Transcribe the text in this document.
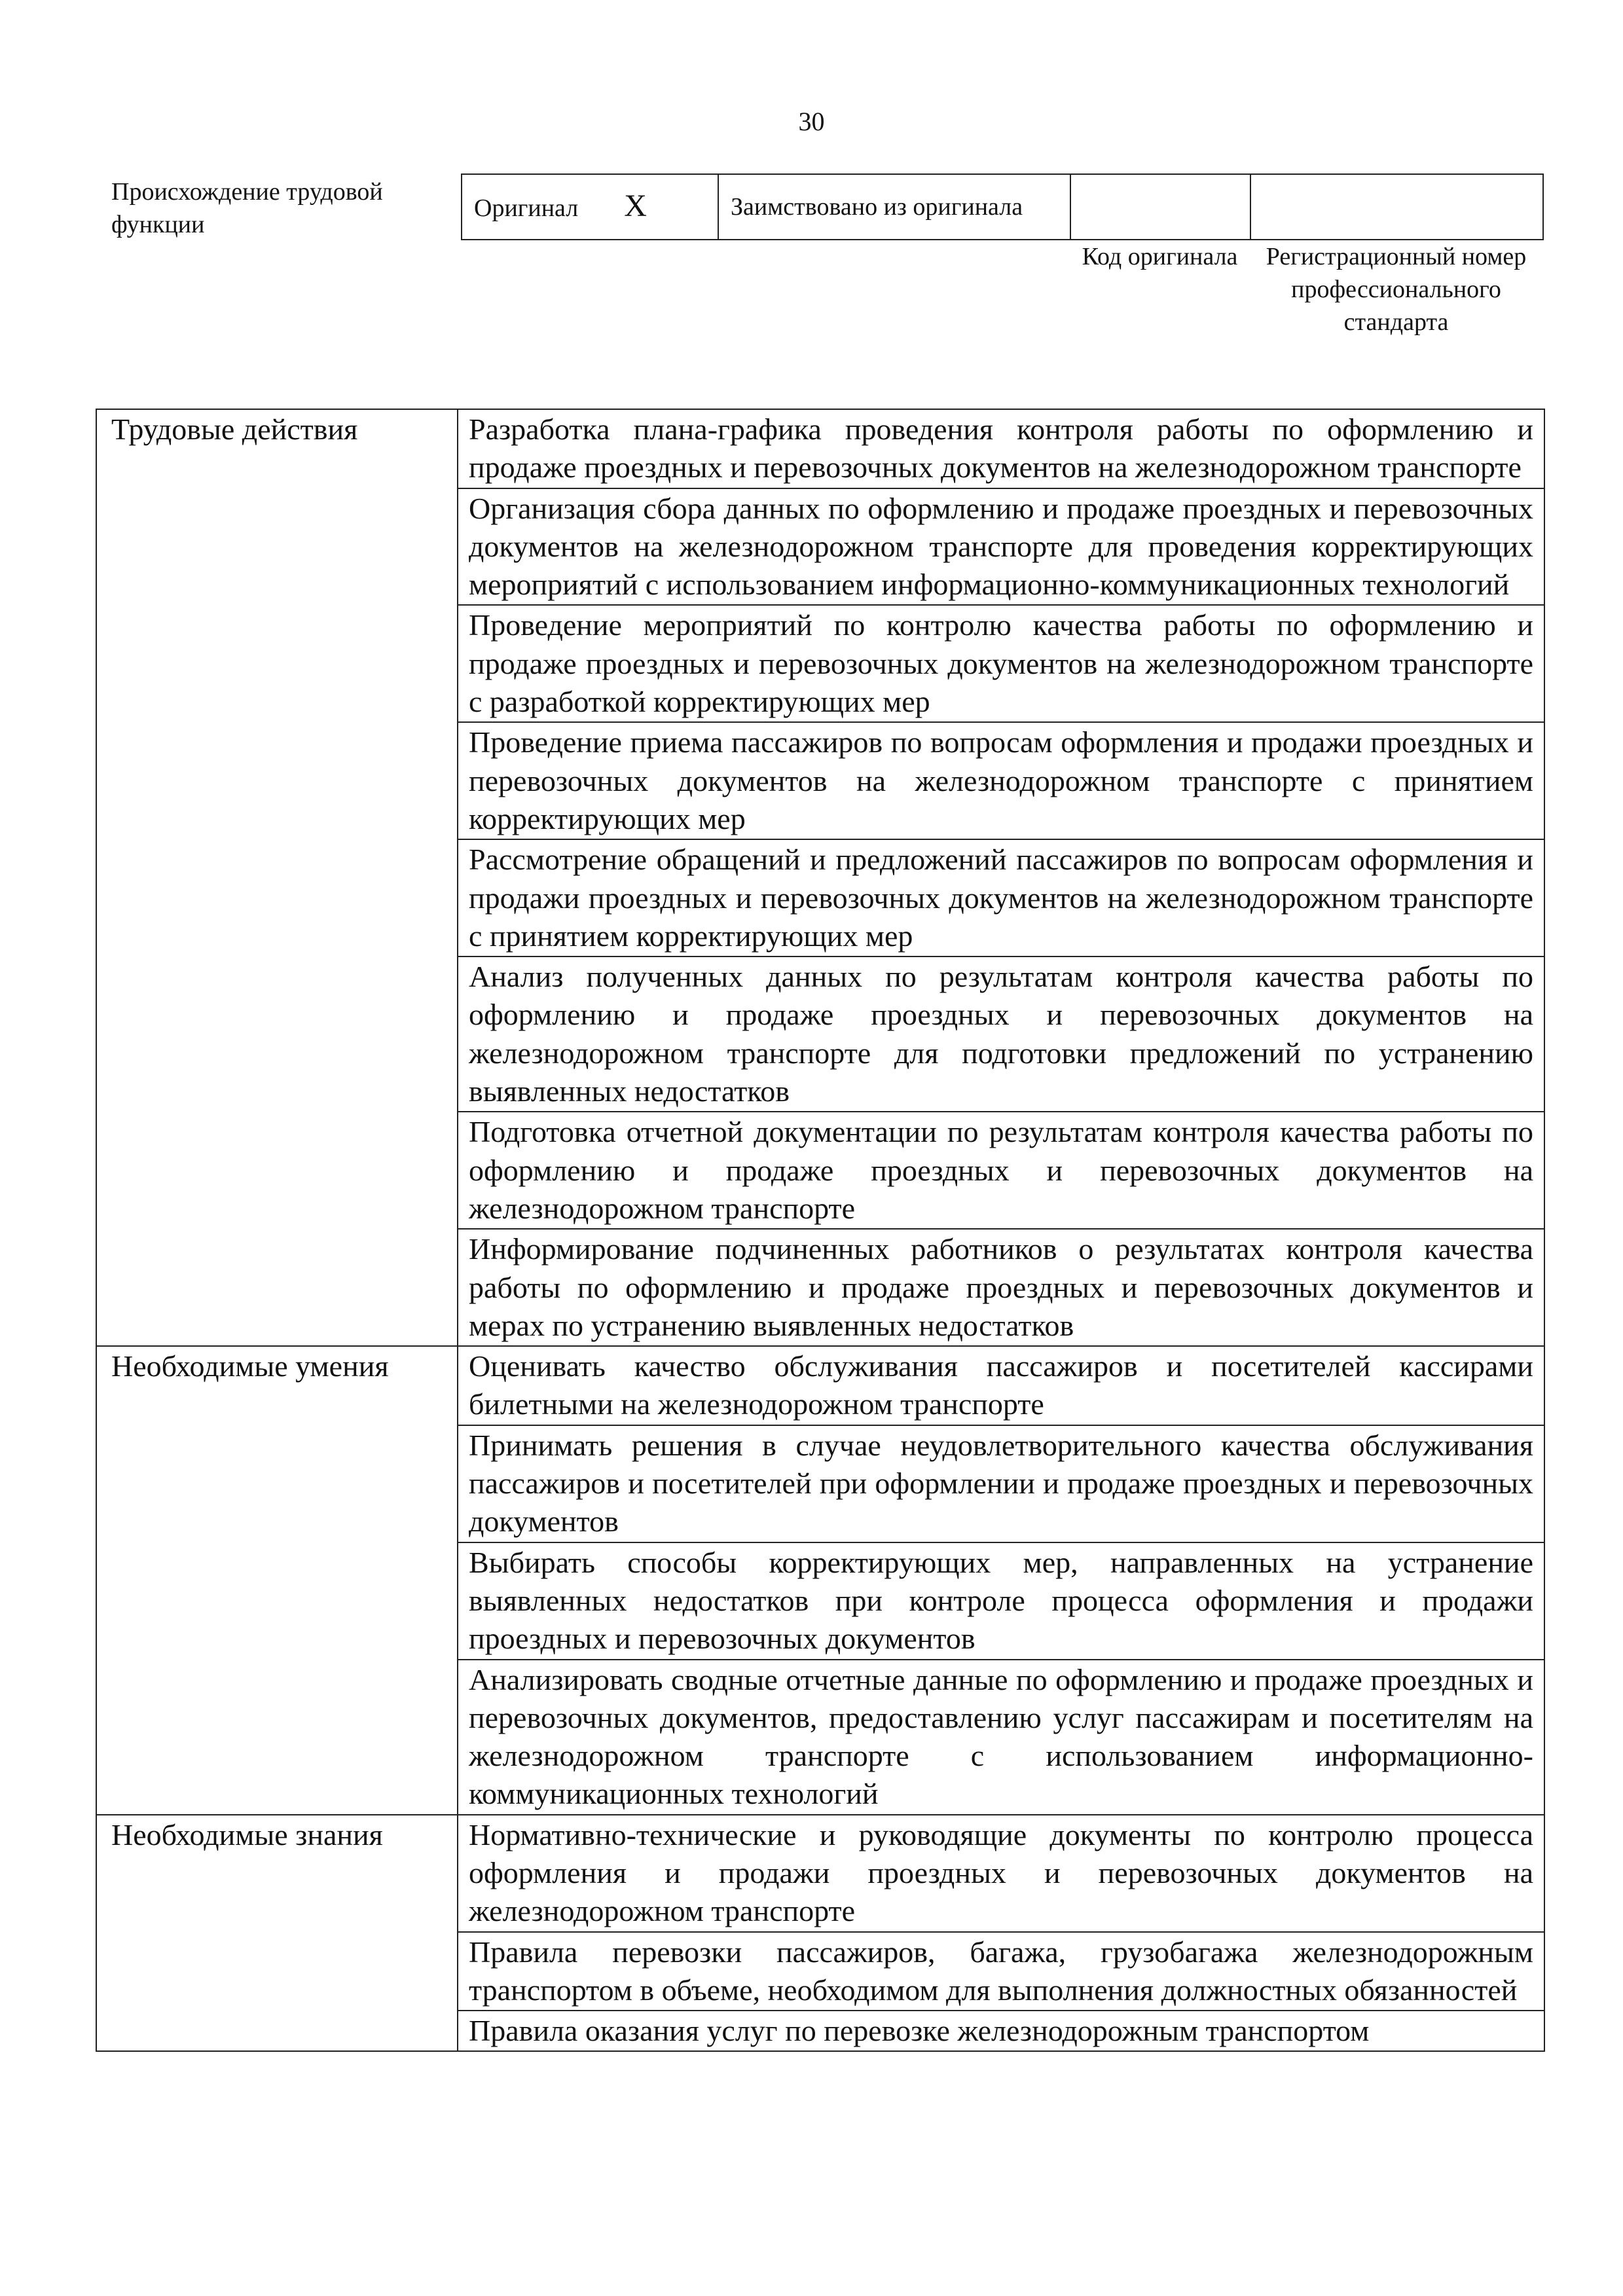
30
Происхождение трудовой функции
Оригинал X	Заимствовано из оригинала		
Код оригинала	Регистрационный номер профессионального стандарта
Трудовые действия	Разработка плана-графика проведения контроля работы по оформлению и продаже проездных и перевозочных документов на железнодорожном транспорте
	Организация сбора данных по оформлению и продаже проездных и перевозочных документов на железнодорожном транспорте для проведения корректирующих мероприятий с использованием информационно-коммуникационных технологий
	Проведение мероприятий по контролю качества работы по оформлению и продаже проездных и перевозочных документов на железнодорожном транспорте с разработкой корректирующих мер
	Проведение приема пассажиров по вопросам оформления и продажи проездных и перевозочных документов на железнодорожном транспорте с принятием корректирующих мер
	Рассмотрение обращений и предложений пассажиров по вопросам оформления и продажи проездных и перевозочных документов на железнодорожном транспорте с принятием корректирующих мер
	Анализ полученных данных по результатам контроля качества работы по оформлению и продаже проездных и перевозочных документов на железнодорожном транспорте для подготовки предложений по устранению выявленных недостатков
	Подготовка отчетной документации по результатам контроля качества работы по оформлению и продаже проездных и перевозочных документов на железнодорожном транспорте
	Информирование подчиненных работников о результатах контроля качества работы по оформлению и продаже проездных и перевозочных документов и мерах по устранению выявленных недостатков
Необходимые умения	Оценивать качество обслуживания пассажиров и посетителей кассирами билетными на железнодорожном транспорте
	Принимать решения в случае неудовлетворительного качества обслуживания пассажиров и посетителей при оформлении и продаже проездных и перевозочных документов
	Выбирать способы корректирующих мер, направленных на устранение выявленных недостатков при контроле процесса оформления и продажи проездных и перевозочных документов
	Анализировать сводные отчетные данные по оформлению и продаже проездных и перевозочных документов, предоставлению услуг пассажирам и посетителям на железнодорожном транспорте с использованием информационно-коммуникационных технологий
Необходимые знания	Нормативно-технические и руководящие документы по контролю процесса оформления и продажи проездных и перевозочных документов на железнодорожном транспорте
	Правила перевозки пассажиров, багажа, грузобагажа железнодорожным транспортом в объеме, необходимом для выполнения должностных обязанностей
	Правила оказания услуг по перевозке железнодорожным транспортом
